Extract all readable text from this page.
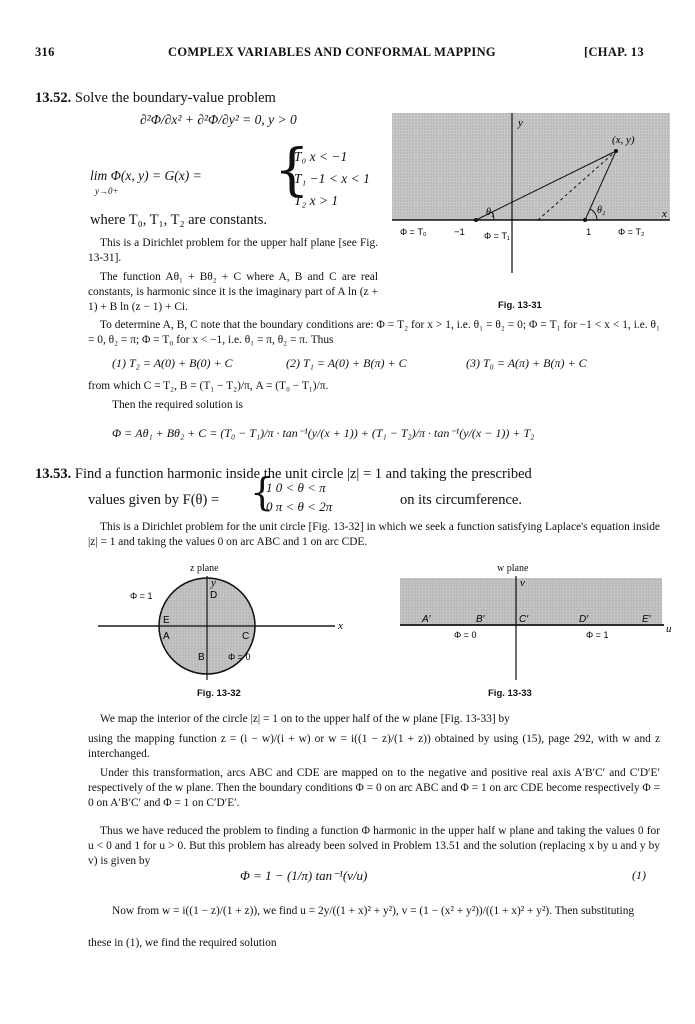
316	COMPLEX VARIABLES AND CONFORMAL MAPPING	[CHAP. 13
13.52. Solve the boundary-value problem
∂²Φ/∂x² + ∂²Φ/∂y² = 0, y > 0
lim Φ(x, y) = G(x) =
y→0+	{
T₀ x < −1
T₁ −1 < x < 1
T₂ x > 1
where T₀, T₁, T₂ are constants.
This is a Dirichlet problem for the upper half plane [see Fig. 13-31].
The function Aθ₁ + Bθ₂ + C where A, B and C are real constants, is harmonic since it is the imaginary part of A ln (z + 1) + B ln (z − 1) + Ci.
y
(x, y)
θ₁	θ₂	x
Φ = T₀	−1 Φ = T₁	1	Φ = T₂
Fig. 13-31
To determine A, B, C note that the boundary conditions are: Φ = T₂ for x > 1, i.e. θ₁ = θ₂ = 0; Φ = T₁ for −1 < x < 1, i.e. θ₁ = 0, θ₂ = π; Φ = T₀ for x < −1, i.e. θ₁ = π, θ₂ = π. Thus
(1) T₂ = A(0) + B(0) + C	(2) T₁ = A(0) + B(π) + C	(3) T₀ = A(π) + B(π) + C
from which C = T₂, B = (T₁ − T₂)/π, A = (T₀ − T₁)/π.
Then the required solution is
Φ = Aθ₁ + Bθ₂ + C = (T₀ − T₁)/π · tan⁻¹(y/(x + 1)) + (T₁ − T₂)/π · tan⁻¹(y/(x − 1)) + T₂
13.53. Find a function harmonic inside the unit circle |z| = 1 and taking the prescribed
values given by F(θ) = {
1 0 < θ < π
0 π < θ < 2π	on its circumference.
This is a Dirichlet problem for the unit circle [Fig. 13-32] in which we seek a function satisfying Laplace's equation inside |z| = 1 and taking the values 0 on arc ABC and 1 on arc CDE.
z plane
y
Φ = 1	D
E
A	C
B
x
Φ = 0
Fig. 13-32
w plane
v
A′	B′	C′	D′	E′
u
Φ = 0	Φ = 1
Fig. 13-33
We map the interior of the circle |z| = 1 on to the upper half of the w plane [Fig. 13-33] by
using the mapping function z = (i − w)/(i + w) or w = i((1 − z)/(1 + z)) obtained by using (15), page 292, with w and z interchanged.
Under this transformation, arcs ABC and CDE are mapped on to the negative and positive real axis A′B′C′ and C′D′E′ respectively of the w plane. Then the boundary conditions Φ = 0 on arc ABC and Φ = 1 on arc CDE become respectively Φ = 0 on A′B′C′ and Φ = 1 on C′D′E′.
Thus we have reduced the problem to finding a function Φ harmonic in the upper half w plane and taking the values 0 for u < 0 and 1 for u > 0. But this problem has already been solved in Problem 13.51 and the solution (replacing x by u and y by v) is given by
Φ = 1 − (1/π) tan⁻¹(v/u)	(1)
Now from w = i((1 − z)/(1 + z)), we find u = 2y/((1 + x)² + y²), v = (1 − (x² + y²))/((1 + x)² + y²). Then substituting
these in (1), we find the required solution
